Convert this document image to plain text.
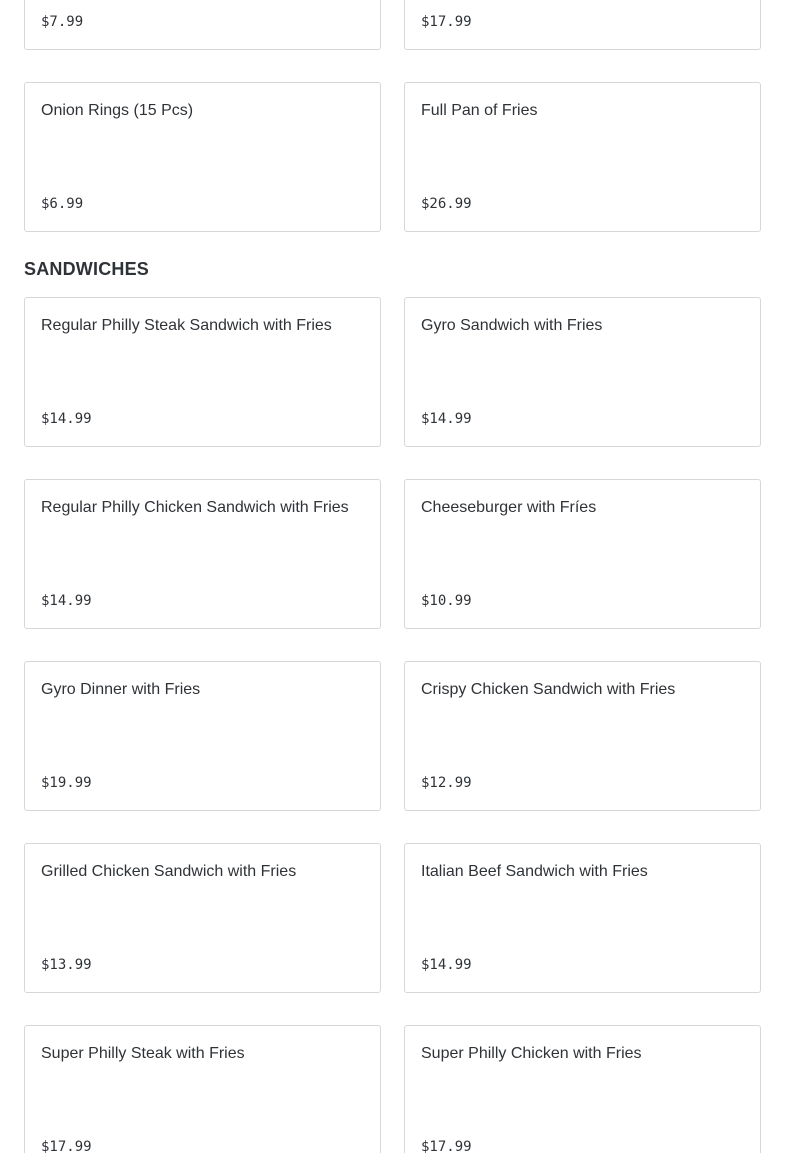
$7.99	$17.99
Onion Rings (15 Pcs)
$6.99
Full Pan of Fries
$26.99
SANDWICHES
Regular Philly Steak Sandwich with Fries
$14.99
Gyro Sandwich with Fries
$14.99
Regular Philly Chicken Sandwich with Fries
$14.99
Cheeseburger with Fríes
$10.99
Gyro Dinner with Fries
$19.99
Crispy Chicken Sandwich with Fries
$12.99
Grilled Chicken Sandwich with Fries
$13.99
Italian Beef Sandwich with Fries
$14.99
Super Philly Steak with Fries
$17.99
Super Philly Chicken with Fries
$17.99
